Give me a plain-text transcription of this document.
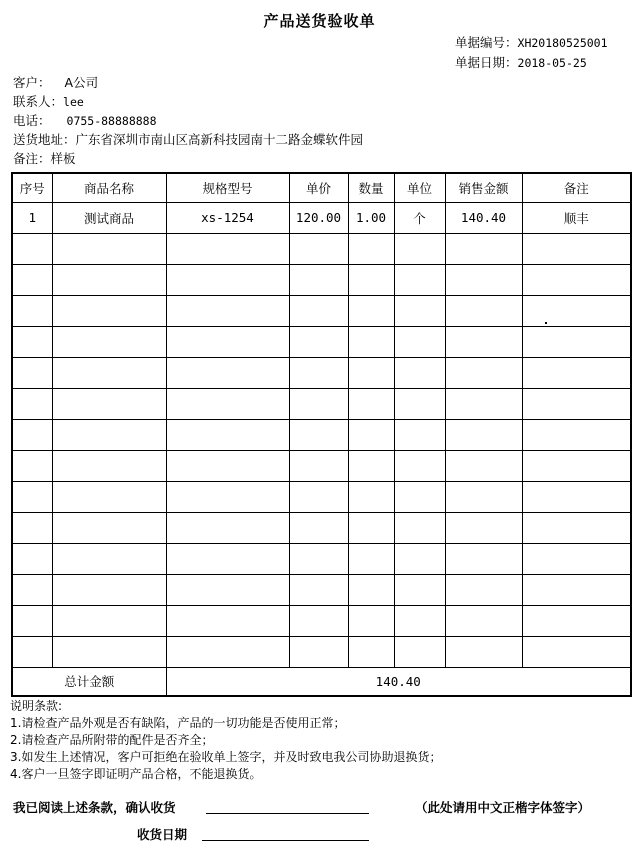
产品送货验收单
单据编号：XH20180525001
单据日期：2018-05-25
客户： A公司
联系人：lee
电话： 0755-88888888
送货地址：广东省深圳市南山区高新科技园南十二路金蝶软件园
备注：样板
序号	商品名称	规格型号	单价	数量	单位	销售金额	备注
1	测试商品	xs-1254	120.00	1.00	个	140.40	顺丰

总计金额		140.40					
说明条款:
1.请检查产品外观是否有缺陷，产品的一切功能是否使用正常；
2.请检查产品所附带的配件是否齐全；
3.如发生上述情况，客户可拒绝在验收单上签字，并及时致电我公司协助退换货；
4.客户一旦签字即证明产品合格，不能退换货。
我已阅读上述条款，确认收货	（此处请用中文正楷字体签字）
收货日期
